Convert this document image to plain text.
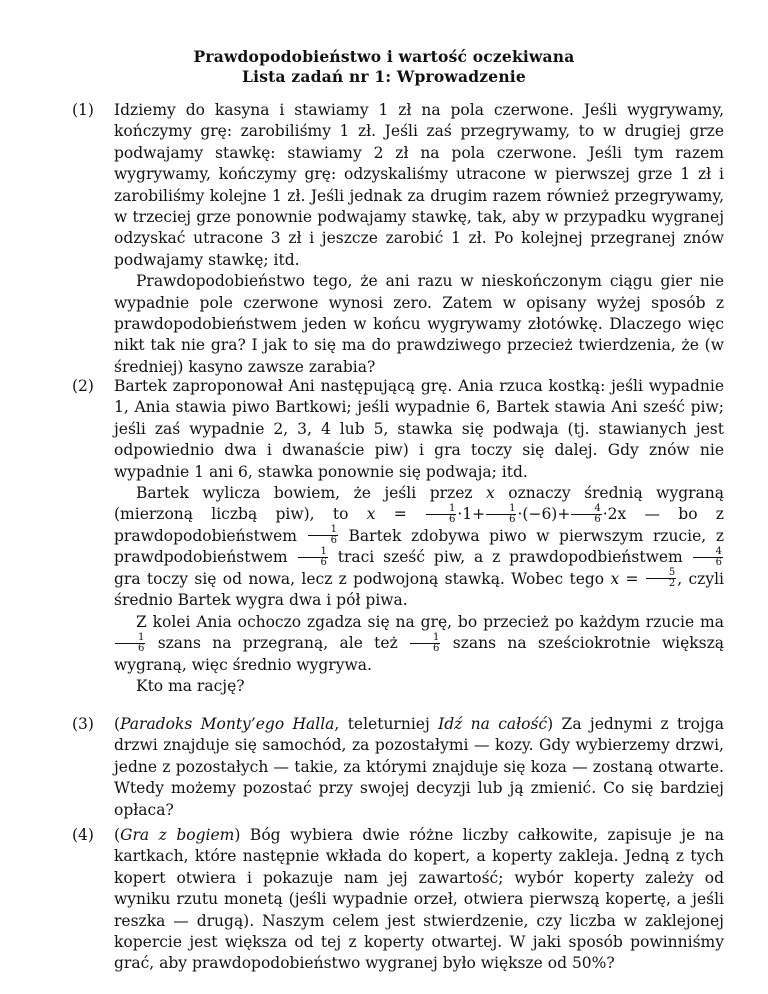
Prawdopodobieństwo i wartość oczekiwana
Lista zadań nr 1: Wprowadzenie
(1) Idziemy do kasyna i stawiamy 1 zł na pola czerwone. Jeśli wygrywamy, kończymy grę: zarobiliśmy 1 zł. Jeśli zaś przegrywamy, to w drugiej grze podwajamy stawkę: stawiamy 2 zł na pola czerwone. Jeśli tym razem wygrywamy, kończymy grę: odzyskaliśmy utracone w pierwszej grze 1 zł i zarobiliśmy kolejne 1 zł. Jeśli jednak za drugim razem również przegrywamy, w trzeciej grze ponownie podwajamy stawkę, tak, aby w przypadku wygranej odzyskać utracone 3 zł i jeszcze zarobić 1 zł. Po kolejnej przegranej znów podwajamy stawkę; itd.

Prawdopodobieństwo tego, że ani razu w nieskończonym ciągu gier nie wypadnie pole czerwone wynosi zero. Zatem w opisany wyżej sposób z prawdopodobieństwem jeden w końcu wygrywamy złotówkę. Dlaczego więc nikt tak nie gra? I jak to się ma do prawdziwego przecież twierdzenia, że (w średniej) kasyno zawsze zarabia?

(2) Bartek zaproponował Ani następującą grę. Ania rzuca kostką: jeśli wypadnie 1, Ania stawia piwo Bartkowi; jeśli wypadnie 6, Bartek stawia Ani sześć piw; jeśli zaś wypadnie 2, 3, 4 lub 5, stawka się podwaja (tj. stawianych jest odpowiednio dwa i dwanaście piw) i gra toczy się dalej. Gdy znów nie wypadnie 1 ani 6, stawka ponownie się podwaja; itd.

Bartek wylicza bowiem, że jeśli przez x oznaczy średnią wygraną (mierzoną liczbą piw), to $x = \frac{1}{6} \cdot 1+ \frac{1}{6} \cdot(-6)+ \frac{4}{6} \cdot 2x$ — bo z prawdopodobieństwem $\frac{1}{6}$ Bartek zdobywa piwo w pierwszym rzucie, z prawdpodobieństwem $\frac{1}{6}$ traci sześć piw, a z prawdopodbieństwem $\frac{4}{6}$
gra toczy się od nowa, lecz z podwojoną stawką. Wobec tego $x = \frac{5}{2}$ , czyli średnio Bartek wygra dwa i pół piwa.

Z kolei Ania ochoczo zgadza się na grę, bo przecież po każdym rzucie ma
$\frac{1}{6}$ szans na przegraną, ale też $\frac{1}{6}$ szans na sześciokrotnie większą wygraną, więc średnio wygrywa.

Kto ma rację?

(3) (Paradoks Monty’ego Halla, teleturniej Idź na całość) Za jednymi z trojga drzwi znajduje się samochód, za pozostałymi — kozy. Gdy wybierzemy drzwi, jedne z pozostałych — takie, za którymi znajduje się koza — zostaną otwarte. Wtedy możemy pozostać przy swojej decyzji lub ją zmienić. Co się bardziej opłaca?

(4) (Gra z bogiem) Bóg wybiera dwie różne liczby całkowite, zapisuje je na kartkach, które następnie wkłada do kopert, a koperty zakleja. Jedną z tych kopert otwiera i pokazuje nam jej zawartość; wybór koperty zależy od wyniku rzutu monetą (jeśli wypadnie orzeł, otwiera pierwszą kopertę, a jeśli reszka — drugą). Naszym celem jest stwierdzenie, czy liczba w zaklejonej kopercie jest większa od tej z koperty otwartej. W jaki sposób powinniśmy grać, aby prawdopodobieństwo wygranej było większe od 50%?
